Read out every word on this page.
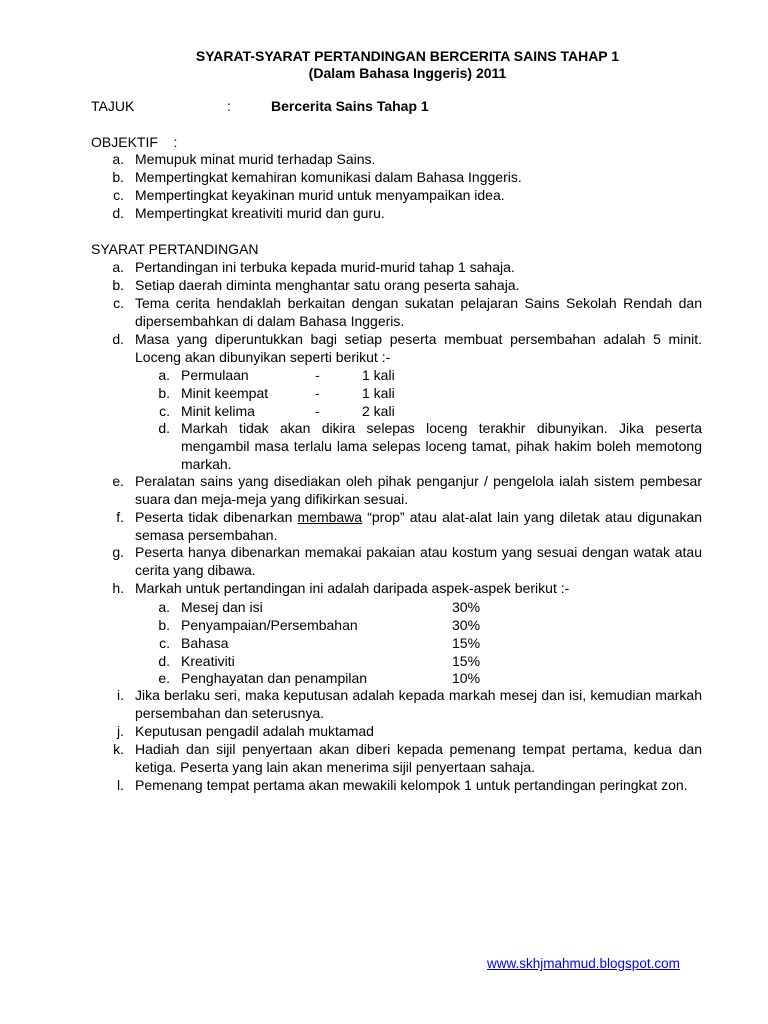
SYARAT-SYARAT PERTANDINGAN BERCERITA SAINS TAHAP 1
(Dalam Bahasa Inggeris) 2011
TAJUK	:	Bercerita Sains Tahap 1
OBJEKTIF    :
a. Memupuk minat murid terhadap Sains.
b. Mempertingkat kemahiran komunikasi dalam Bahasa Inggeris.
c. Mempertingkat keyakinan murid untuk menyampaikan idea.
d. Mempertingkat kreativiti murid dan guru.
SYARAT PERTANDINGAN
a. Pertandingan ini terbuka kepada murid-murid tahap 1 sahaja.
b. Setiap daerah diminta menghantar satu orang peserta sahaja.
c. Tema cerita hendaklah berkaitan dengan sukatan pelajaran Sains Sekolah Rendah dan dipersembahkan di dalam Bahasa Inggeris.
d. Masa yang diperuntukkan bagi setiap peserta membuat persembahan adalah 5 minit. Loceng akan dibunyikan seperti berikut :-
a. Permulaan	-	1 kali
b. Minit keempat	-	1 kali
c. Minit kelima	-	2 kali
d. Markah tidak akan dikira selepas loceng terakhir dibunyikan. Jika peserta mengambil masa terlalu lama selepas loceng tamat, pihak hakim boleh memotong markah.
e. Peralatan sains yang disediakan oleh pihak penganjur / pengelola ialah sistem pembesar suara dan meja-meja yang difikirkan sesuai.
f. Peserta tidak dibenarkan membawa “prop” atau alat-alat lain yang diletak atau digunakan semasa persembahan.
g. Peserta hanya dibenarkan memakai pakaian atau kostum yang sesuai dengan watak atau cerita yang dibawa.
h. Markah untuk pertandingan ini adalah daripada aspek-aspek berikut :-
a. Mesej dan isi	30%
b. Penyampaian/Persembahan	30%
c. Bahasa	15%
d. Kreativiti	15%
e. Penghayatan dan penampilan	10%
i. Jika berlaku seri, maka keputusan adalah kepada markah mesej dan isi, kemudian markah persembahan dan seterusnya.
j. Keputusan pengadil adalah muktamad
k. Hadiah dan sijil penyertaan akan diberi kepada pemenang tempat pertama, kedua dan ketiga. Peserta yang lain akan menerima sijil penyertaan sahaja.
l. Pemenang tempat pertama akan mewakili kelompok 1 untuk pertandingan peringkat zon.
www.skhjmahmud.blogspot.com
